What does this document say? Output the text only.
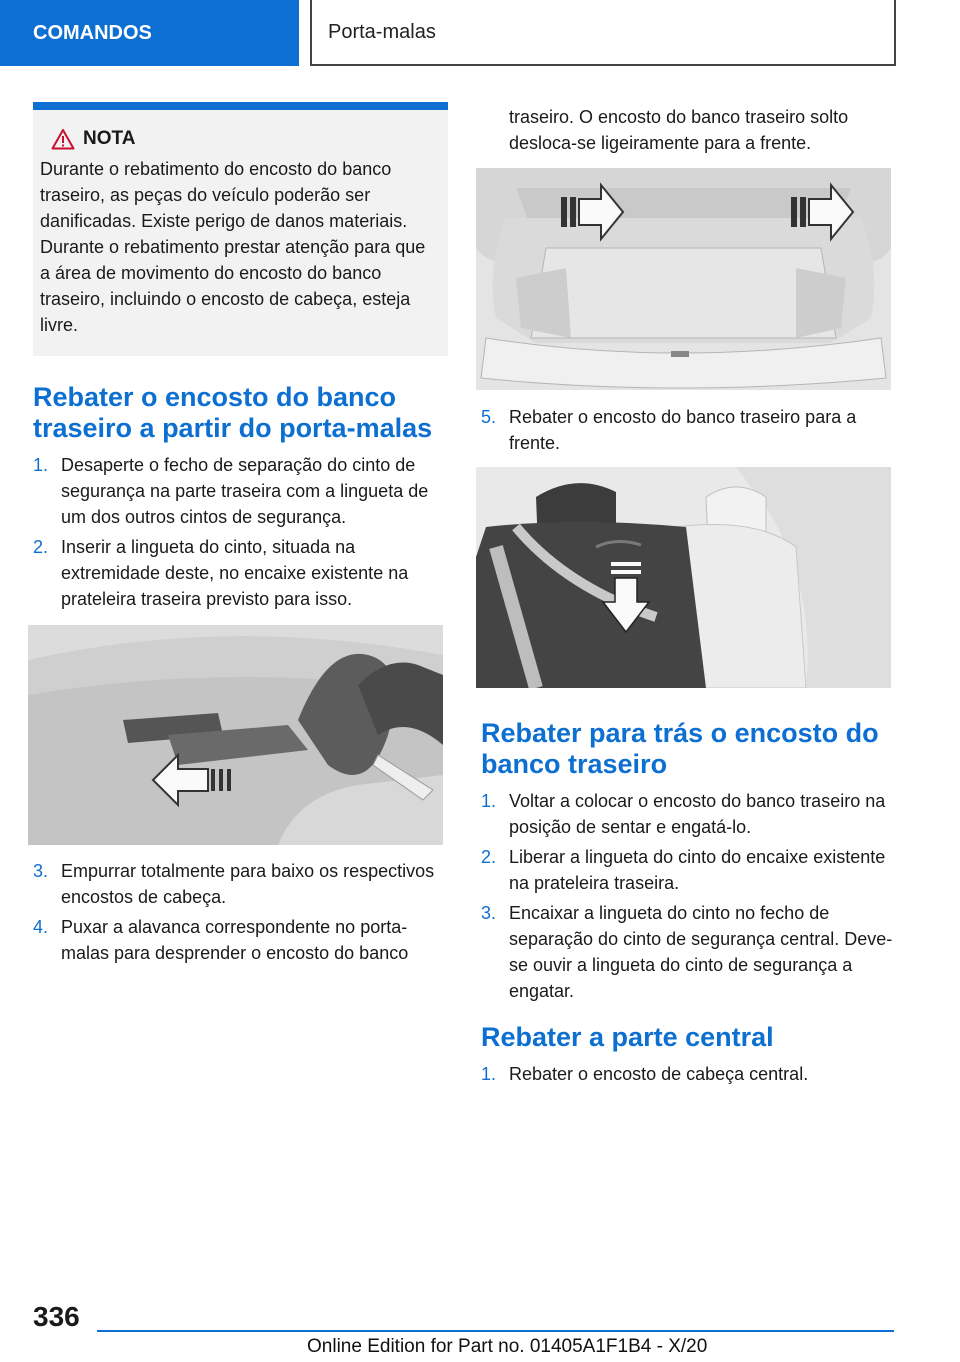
COMANDOS	Porta-malas
NOTA
Durante o rebatimento do encosto do banco traseiro, as peças do veículo poderão ser danificadas. Existe perigo de danos materiais. Durante o rebatimento prestar atenção para que a área de movimento do encosto do banco traseiro, incluindo o encosto de cabeça, esteja livre.
Rebater o encosto do banco traseiro a partir do porta-malas
1. Desaperte o fecho de separação do cinto de segurança na parte traseira com a lingueta de um dos outros cintos de segurança.
2. Inserir a lingueta do cinto, situada na extremidade deste, no encaixe existente na prateleira traseira previsto para isso.
3. Empurrar totalmente para baixo os respectivos encostos de cabeça.
4. Puxar a alavanca correspondente no porta-malas para desprender o encosto do banco
traseiro. O encosto do banco traseiro solto desloca-se ligeiramente para a frente.
5. Rebater o encosto do banco traseiro para a frente.
Rebater para trás o encosto do banco traseiro
1. Voltar a colocar o encosto do banco traseiro na posição de sentar e engatá-lo.
2. Liberar a lingueta do cinto do encaixe existente na prateleira traseira.
3. Encaixar a lingueta do cinto no fecho de separação do cinto de segurança central. Deve-se ouvir a lingueta do cinto de segurança a engatar.
Rebater a parte central
1. Rebater o encosto de cabeça central.
336
Online Edition for Part no. 01405A1F1B4 - X/20
